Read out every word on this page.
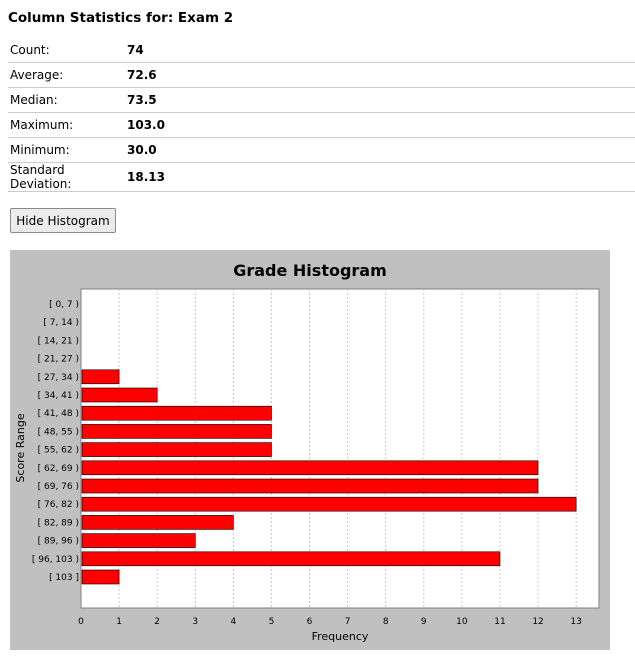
Column Statistics for: Exam 2
Count:	74
Average:	72.6
Median:	73.5
Maximum:	103.0
Minimum:	30.0
Standard Deviation:	18.13
Hide Histogram
Grade Histogram
[ 0, 7 )
[ 7, 14 )
[ 14, 21 )
[ 21, 27 )
[ 27, 34 )
[ 34, 41 )
[ 41, 48 )
[ 48, 55 )
[ 55, 62 )
[ 62, 69 )
[ 69, 76 )
[ 76, 82 )
[ 82, 89 )
[ 89, 96 )
[ 96, 103 )
[ 103 ]
0	1	2	3	4	5	6	7	8	9	10	11	12	13
Frequency
Score Range
